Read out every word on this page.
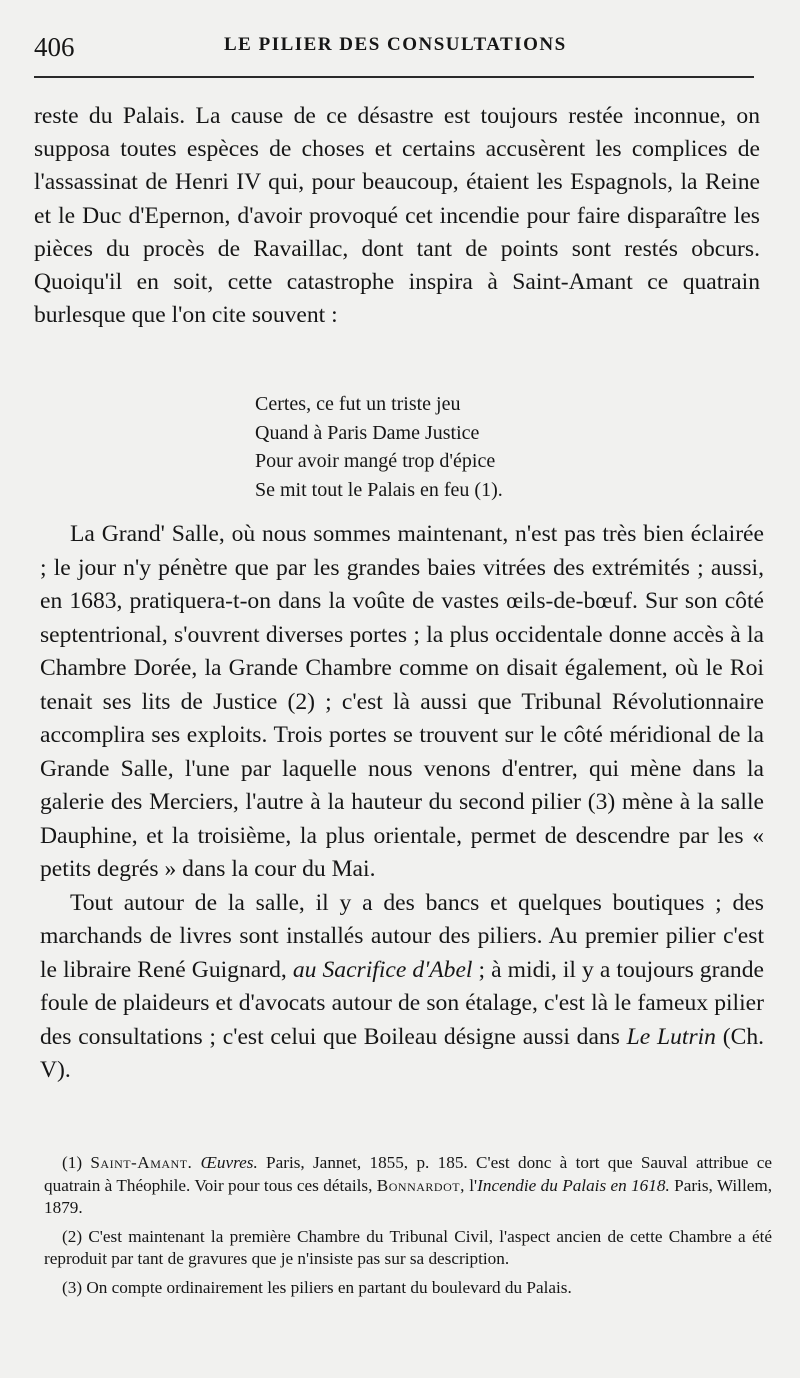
406	LE PILIER DES CONSULTATIONS

reste du Palais. La cause de ce désastre est toujours restée inconnue, on supposa toutes espèces de choses et certains accusèrent les complices de l'assassinat de Henri IV qui, pour beaucoup, étaient les Espagnols, la Reine et le Duc d'Epernon, d'avoir provoqué cet incendie pour faire disparaître les pièces du procès de Ravaillac, dont tant de points sont restés obcurs. Quoiqu'il en soit, cette catastrophe inspira à Saint-Amant ce quatrain burlesque que l'on cite souvent :

Certes, ce fut un triste jeu
Quand à Paris Dame Justice
Pour avoir mangé trop d'épice
Se mit tout le Palais en feu (1).

La Grand' Salle, où nous sommes maintenant, n'est pas très bien éclairée ; le jour n'y pénètre que par les grandes baies vitrées des extrémités ; aussi, en 1683, pratiquera-t-on dans la voûte de vastes œils-de-bœuf. Sur son côté septentrional, s'ouvrent diverses portes ; la plus occidentale donne accès à la Chambre Dorée, la Grande Chambre comme on disait également, où le Roi tenait ses lits de Justice (2) ; c'est là aussi que Tribunal Révolutionnaire accomplira ses exploits. Trois portes se trouvent sur le côté méridional de la Grande Salle, l'une par laquelle nous venons d'entrer, qui mène dans la galerie des Merciers, l'autre à la hauteur du second pilier (3) mène à la salle Dauphine, et la troisième, la plus orientale, permet de descendre par les « petits degrés » dans la cour du Mai.

Tout autour de la salle, il y a des bancs et quelques boutiques ; des marchands de livres sont installés autour des piliers. Au premier pilier c'est le libraire René Guignard, au Sacrifice d'Abel ; à midi, il y a toujours grande foule de plaideurs et d'avocats autour de son étalage, c'est là le fameux pilier des consultations ; c'est celui que Boileau désigne aussi dans Le Lutrin (Ch. V).

(1) Saint-Amant. Œuvres. Paris, Jannet, 1855, p. 185. C'est donc à tort que Sauval attribue ce quatrain à Théophile. Voir pour tous ces détails, Bonnardot, l'Incendie du Palais en 1618. Paris, Willem, 1879.

(2) C'est maintenant la première Chambre du Tribunal Civil, l'aspect ancien de cette Chambre a été reproduit par tant de gravures que je n'insiste pas sur sa description.

(3) On compte ordinairement les piliers en partant du boulevard du Palais.
